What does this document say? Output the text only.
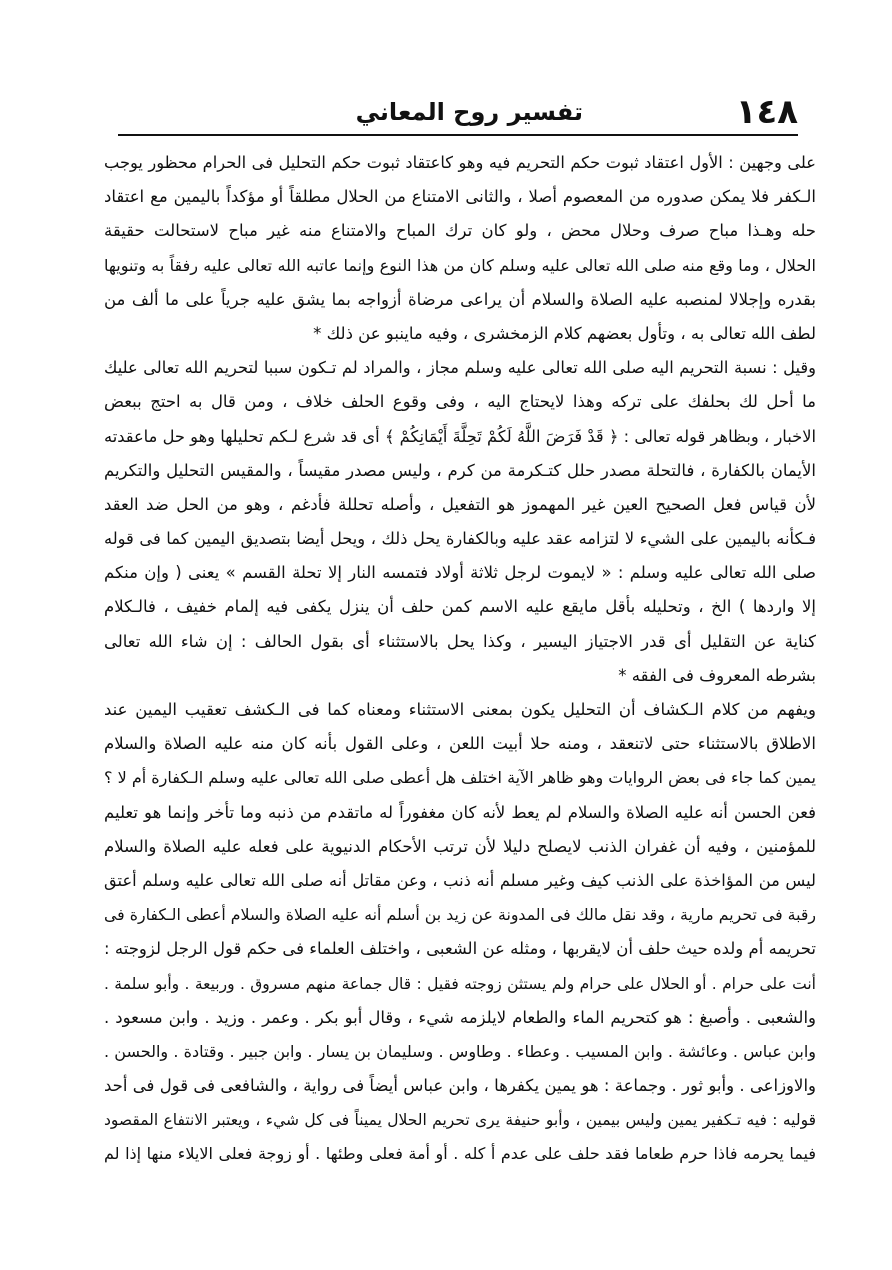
١٤٨
تفسير روح المعاني
على وجهين : الأول اعتقاد ثبوت حكم التحريم فيه وهو كاعتقاد ثبوت حكم التحليل فى الحرام محظور يوجب
الـكفر فلا يمكن صدوره من المعصوم أصلا ، والثانى الامتناع من الحلال مطلقاً أو مؤكداً باليمين مع اعتقاد
حله وهـذا مباح صرف وحلال محض ، ولو كان ترك المباح والامتناع منه غير مباح لاستحالت حقيقة
الحلال ، وما وقع منه صلى الله تعالى عليه وسلم كان من هذا النوع وإنما عاتبه الله تعالى عليه رفقاً به وتنويها
بقدره وإجلالا لمنصبه عليه الصلاة والسلام أن يراعى مرضاة أزواجه بما يشق عليه جرياً على ما ألف من
لطف الله تعالى به ، وتأول بعضهم كلام الزمخشرى ، وفيه ماينبو عن ذلك *
وقيل : نسبة التحريم اليه صلى الله تعالى عليه وسلم مجاز ، والمراد لم تـكون سببا لتحريم الله تعالى عليك
ما أحل لك بحلفك على تركه وهذا لايحتاج اليه ، وفى وقوع الحلف خلاف ، ومن قال به احتج ببعض
الاخبار ، وبظاهر قوله تعالى : ﴿ قَدْ فَرَضَ اللَّهُ لَكُمْ تَحِلَّةَ أَيْمَانِكُمْ ﴾ أى قد شرع لـكم تحليلها وهو حل ماعقدته
الأيمان بالكفارة ، فالتحلة مصدر حلل كتـكرمة من كرم ، وليس مصدر مقيساً ، والمقيس التحليل والتكريم
لأن قياس فعل الصحيح العين غير المهموز هو التفعيل ، وأصله تحللة فأدغم ، وهو من الحل ضد العقد
فـكأنه باليمين على الشيء لا لتزامه عقد عليه وبالكفارة يحل ذلك ، ويحل أيضا بتصديق اليمين كما فى قوله
صلى الله تعالى عليه وسلم : « لايموت لرجل ثلاثة أولاد فتمسه النار إلا تحلة القسم » يعنى ( وإن منكم
إلا واردها ) الخ ، وتحليله بأقل مايقع عليه الاسم كمن حلف أن ينزل يكفى فيه إلمام خفيف ، فالـكلام
كناية عن التقليل أى قدر الاجتياز اليسير ، وكذا يحل بالاستثناء أى بقول الحالف : إن شاء الله تعالى
بشرطه المعروف فى الفقه *
ويفهم من كلام الـكشاف أن التحليل يكون بمعنى الاستثناء ومعناه كما فى الـكشف تعقيب اليمين عند
الاطلاق بالاستثناء حتى لاتنعقد ، ومنه حلا أبيت اللعن ، وعلى القول بأنه كان منه عليه الصلاة والسلام
يمين كما جاء فى بعض الروايات وهو ظاهر الآية اختلف هل أعطى صلى الله تعالى عليه وسلم الـكفارة أم لا ؟
فعن الحسن أنه عليه الصلاة والسلام لم يعط لأنه كان مغفوراً له ماتقدم من ذنبه وما تأخر وإنما هو تعليم
للمؤمنين ، وفيه أن غفران الذنب لايصلح دليلا لأن ترتب الأحكام الدنيوية على فعله عليه الصلاة والسلام
ليس من المؤاخذة على الذنب كيف وغير مسلم أنه ذنب ، وعن مقاتل أنه صلى الله تعالى عليه وسلم أعتق
رقبة فى تحريم مارية ، وقد نقل مالك فى المدونة عن زيد بن أسلم أنه عليه الصلاة والسلام أعطى الـكفارة فى
تحريمه أم ولده حيث حلف أن لايقربها ، ومثله عن الشعبى ، واختلف العلماء فى حكم قول الرجل لزوجته :
أنت على حرام . أو الحلال على حرام ولم يستثن زوجته فقيل : قال جماعة منهم مسروق . وربيعة . وأبو سلمة .
والشعبى . وأصبغ : هو كتحريم الماء والطعام لايلزمه شيء ، وقال أبو بكر . وعمر . وزيد . وابن مسعود .
وابن عباس . وعائشة . وابن المسيب . وعطاء . وطاوس . وسليمان بن يسار . وابن جبير . وقتادة . والحسن .
والاوزاعى . وأبو ثور . وجماعة : هو يمين يكفرها ، وابن عباس أيضاً فى رواية ، والشافعى فى قول فى أحد
قوليه : فيه تـكفير يمين وليس بيمين ، وأبو حنيفة يرى تحريم الحلال يميناً فى كل شيء ، ويعتبر الانتفاع المقصود
فيما يحرمه فاذا حرم طعاما فقد حلف على عدم أ كله . أو أمة فعلى وطئها . أو زوجة فعلى الايلاء منها إذا لم
